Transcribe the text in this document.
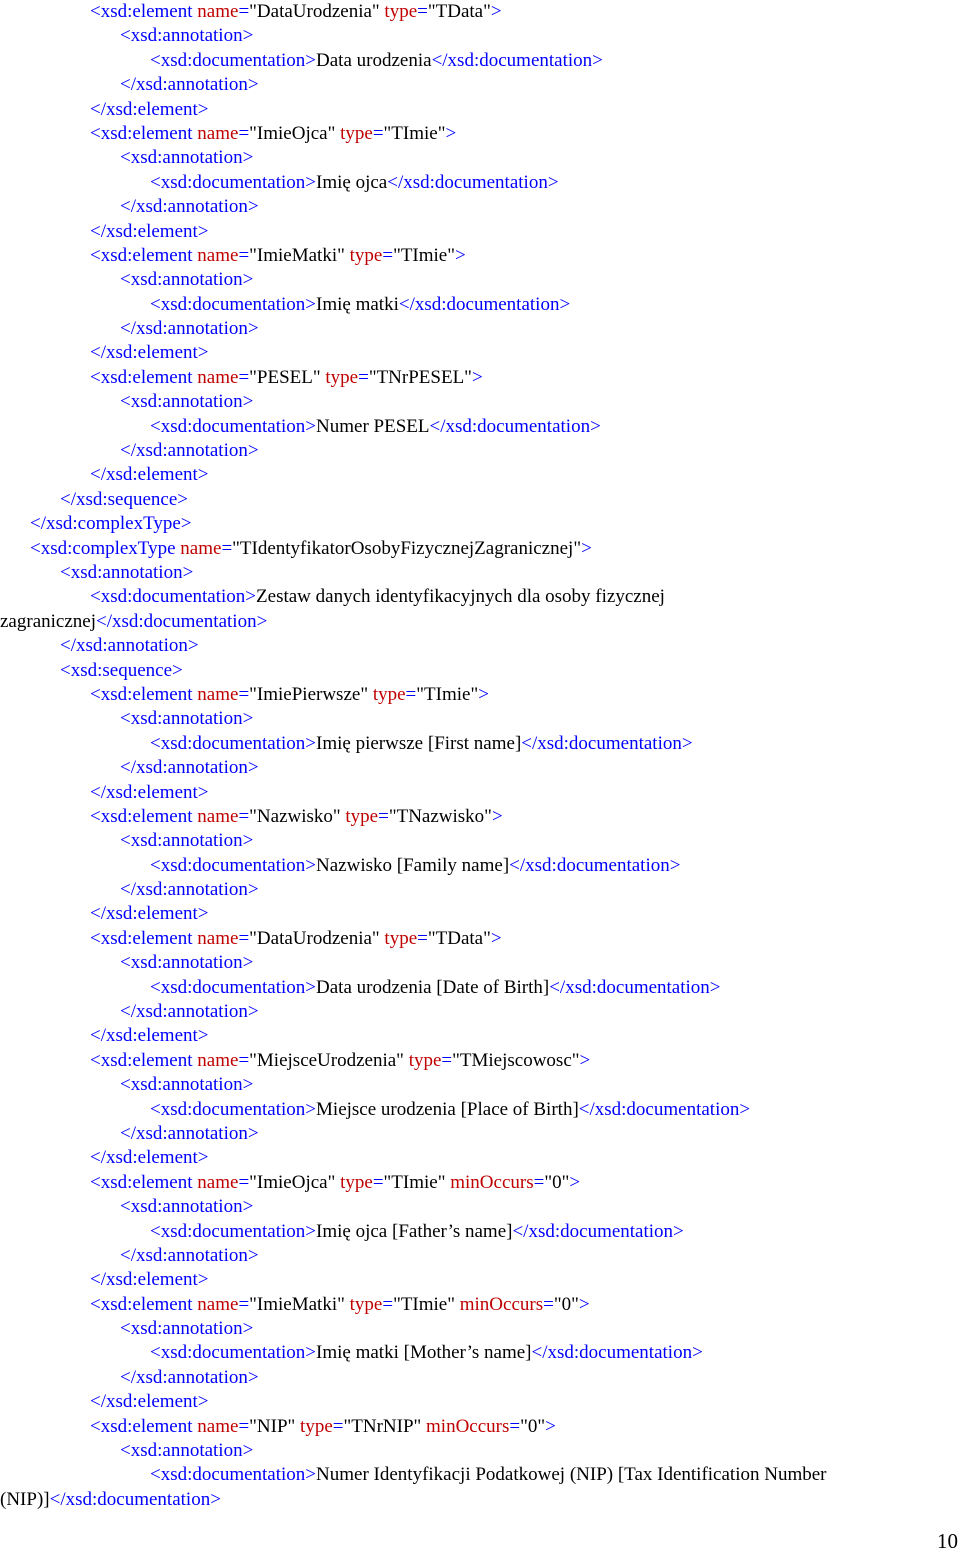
<xsd:element name="DataUrodzenia" type="TData">
<xsd:annotation>
<xsd:documentation>Data urodzenia</xsd:documentation>
</xsd:annotation>
</xsd:element>
<xsd:element name="ImieOjca" type="TImie">
<xsd:annotation>
<xsd:documentation>Imię ojca</xsd:documentation>
</xsd:annotation>
</xsd:element>
<xsd:element name="ImieMatki" type="TImie">
<xsd:annotation>
<xsd:documentation>Imię matki</xsd:documentation>
</xsd:annotation>
</xsd:element>
<xsd:element name="PESEL" type="TNrPESEL">
<xsd:annotation>
<xsd:documentation>Numer PESEL</xsd:documentation>
</xsd:annotation>
</xsd:element>
</xsd:sequence>
</xsd:complexType>
<xsd:complexType name="TIdentyfikatorOsobyFizycznejZagranicznej">
<xsd:annotation>
<xsd:documentation>Zestaw danych identyfikacyjnych dla osoby fizycznej
zagranicznej</xsd:documentation>
</xsd:annotation>
<xsd:sequence>
<xsd:element name="ImiePierwsze" type="TImie">
<xsd:annotation>
<xsd:documentation>Imię pierwsze [First name]</xsd:documentation>
</xsd:annotation>
</xsd:element>
<xsd:element name="Nazwisko" type="TNazwisko">
<xsd:annotation>
<xsd:documentation>Nazwisko [Family name]</xsd:documentation>
</xsd:annotation>
</xsd:element>
<xsd:element name="DataUrodzenia" type="TData">
<xsd:annotation>
<xsd:documentation>Data urodzenia [Date of Birth]</xsd:documentation>
</xsd:annotation>
</xsd:element>
<xsd:element name="MiejsceUrodzenia" type="TMiejscowosc">
<xsd:annotation>
<xsd:documentation>Miejsce urodzenia [Place of Birth]</xsd:documentation>
</xsd:annotation>
</xsd:element>
<xsd:element name="ImieOjca" type="TImie" minOccurs="0">
<xsd:annotation>
<xsd:documentation>Imię ojca [Father’s name]</xsd:documentation>
</xsd:annotation>
</xsd:element>
<xsd:element name="ImieMatki" type="TImie" minOccurs="0">
<xsd:annotation>
<xsd:documentation>Imię matki [Mother’s name]</xsd:documentation>
</xsd:annotation>
</xsd:element>
<xsd:element name="NIP" type="TNrNIP" minOccurs="0">
<xsd:annotation>
<xsd:documentation>Numer Identyfikacji Podatkowej (NIP) [Tax Identification Number
(NIP)]</xsd:documentation>
10
